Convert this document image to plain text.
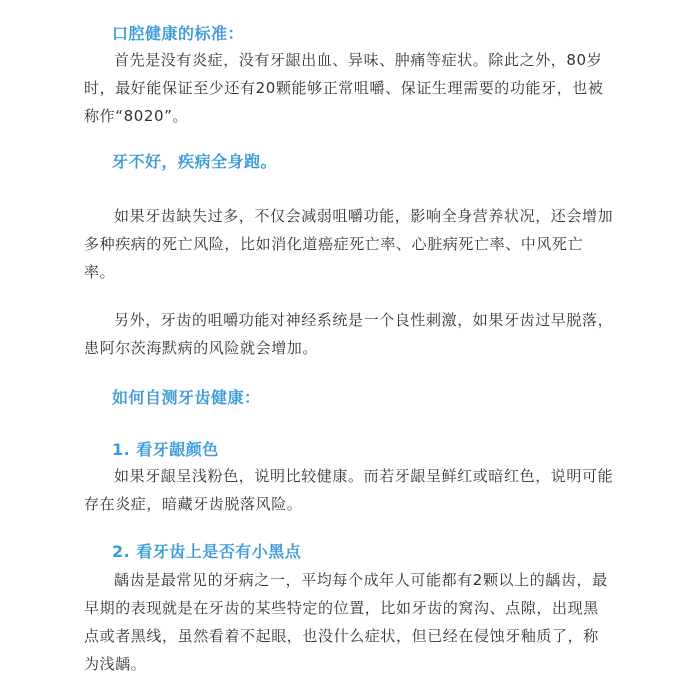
口腔健康的标准：

首先是没有炎症，没有牙龈出血、异味、肿痛等症状。除此之外，80岁时，最好能保证至少还有20颗能够正常咀嚼、保证生理需要的功能牙，也被称作“8020”。

牙不好，疾病全身跑。

如果牙齿缺失过多，不仅会减弱咀嚼功能，影响全身营养状况，还会增加多种疾病的死亡风险，比如消化道癌症死亡率、心脏病死亡率、中风死亡率。

另外，牙齿的咀嚼功能对神经系统是一个良性刺激，如果牙齿过早脱落，患阿尔茨海默病的风险就会增加。

如何自测牙齿健康：
1. 看牙龈颜色

如果牙龈呈浅粉色，说明比较健康。而若牙龈呈鲜红或暗红色，说明可能存在炎症，暗藏牙齿脱落风险。

2. 看牙齿上是否有小黑点

龋齿是最常见的牙病之一，平均每个成年人可能都有2颗以上的龋齿，最早期的表现就是在牙齿的某些特定的位置，比如牙齿的窝沟、点隙，出现黑点或者黑线，虽然看着不起眼，也没什么症状，但已经在侵蚀牙釉质了，称为浅龋。
